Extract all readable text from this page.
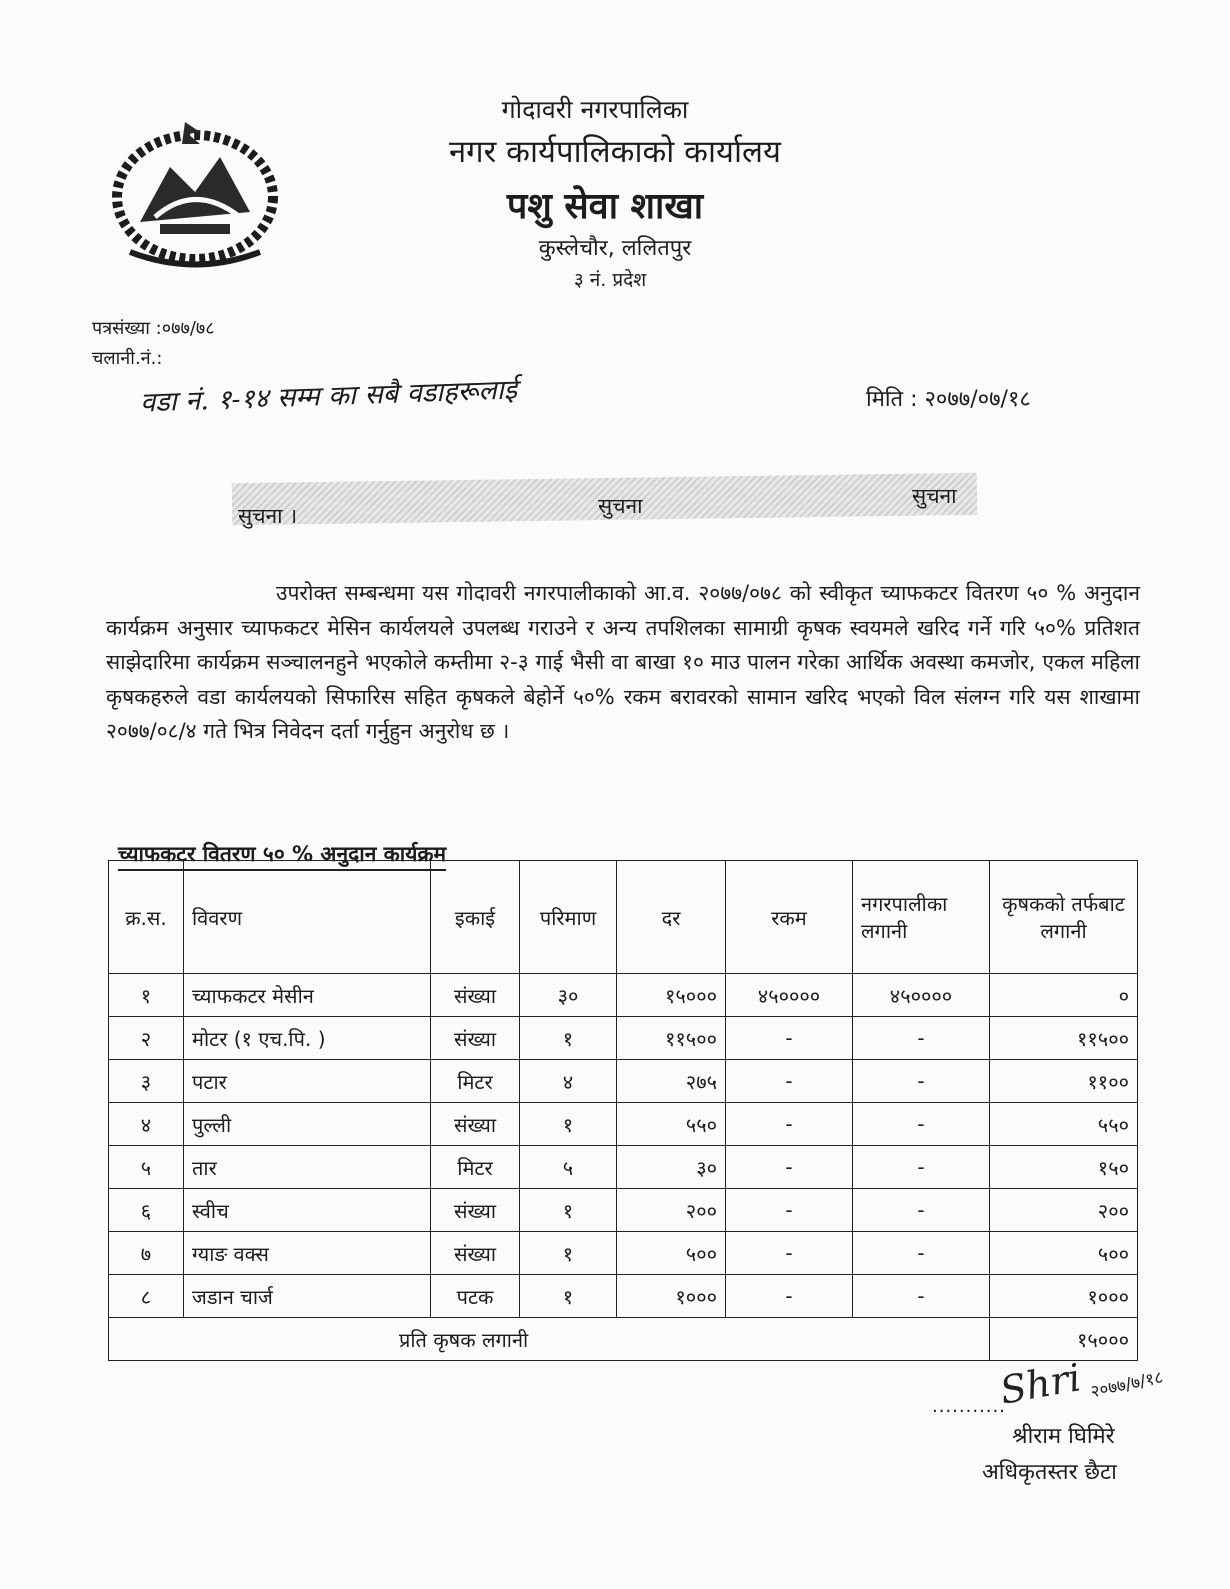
गोदावरी नगरपालिका
नगर कार्यपालिकाको कार्यालय
पशु सेवा शाखा
कुस्लेचौर, ललितपुर
३ नं. प्रदेश
पत्रसंख्या :०७७/७८
चलानी.नं.:
वडा नं. १-१४ सम्म का सबै वडाहरूलाई	मिति : २०७७/०७/१८
सुचना ।	सुचना	सुचना
उपरोक्त सम्बन्धमा यस गोदावरी नगरपालीकाको आ.व. २०७७/०७८ को स्वीकृत च्याफकटर वितरण ५० % अनुदान कार्यक्रम अनुसार च्याफकटर मेसिन कार्यलयले उपलब्ध गराउने र अन्य तपशिलका सामाग्री कृषक स्वयमले खरिद गर्ने गरि ५०% प्रतिशत साझेदारिमा कार्यक्रम सञ्चालनहुने भएकोले कम्तीमा २-३ गाई भैसी वा बाखा १० माउ पालन गरेका आर्थिक अवस्था कमजोर, एकल महिला कृषकहरुले वडा कार्यलयको सिफारिस सहित कृषकले बेहोर्ने ५०% रकम बरावरको सामान खरिद भएको विल संलग्न गरि यस शाखामा २०७७/०८/४ गते भित्र निवेदन दर्ता गर्नुहुन अनुरोध छ ।
च्याफकटर वितरण ५० % अनुदान कार्यक्रम
क्र.स.	विवरण	इकाई	परिमाण	दर	रकम	नगरपालीका लगानी	कृषकको तर्फबाट लगानी
१	च्याफकटर मेसीन	संख्या	३०	१५०००	४५००००	४५००००	०
२	मोटर (१ एच.पि. )	संख्या	१	११५००	-	-	११५००
३	पटार	मिटर	४	२७५	-	-	११००
४	पुल्ली	संख्या	१	५५०	-	-	५५०
५	तार	मिटर	५	३०	-	-	१५०
६	स्वीच	संख्या	१	२००	-	-	२००
७	ग्याङ वक्स	संख्या	१	५००	-	-	५००
८	जडान चार्ज	पटक	१	१०००	-	-	१०००
प्रति कृषक लगानी							१५०००
Shri २०७७/७/१८
...........
श्रीराम घिमिरे
अधिकृतस्तर छैटा
